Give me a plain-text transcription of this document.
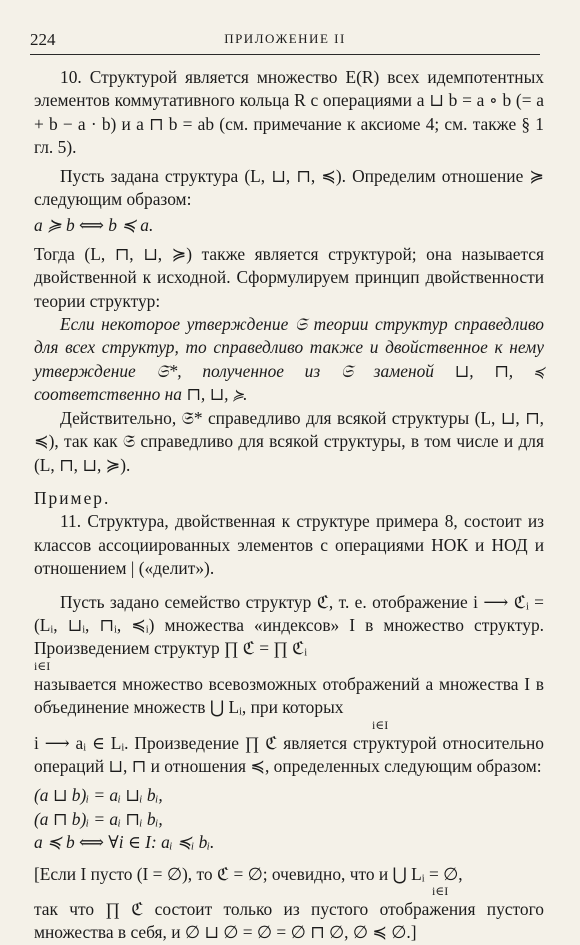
224	ПРИЛОЖЕНИЕ II

10. Структурой является множество E(R) всех идемпотентных элементов коммутативного кольца R с операциями a ⊔ b = a ∘ b (= a + b − a · b) и a ⊓ b = ab (см. примечание к аксиоме 4; см. также § 1 гл. 5).

Пусть задана структура (L, ⊔, ⊓, ≼). Определим отношение ≽ следующим образом:

a ≽ b ⟺ b ≼ a.

Тогда (L, ⊓, ⊔, ≽) также является структурой; она называется двойственной к исходной. Сформулируем принцип двойственности теории структур:

Если некоторое утверждение 𝔖 теории структур справедливо для всех структур, то справедливо также и двойственное к нему утверждение 𝔖*, полученное из 𝔖 заменой ⊔, ⊓, ≼ соответственно на ⊓, ⊔, ≽.

Действительно, 𝔖* справедливо для всякой структуры (L, ⊔, ⊓, ≼), так как 𝔖 справедливо для всякой структуры, в том числе и для (L, ⊓, ⊔, ≽).

Пример.

11. Структура, двойственная к структуре примера 8, состоит из классов ассоциированных элементов с операциями НОК и НОД и отношением | («делит»).

Пусть задано семейство структур ℭ, т. е. отображение i ⟶ ℭᵢ = (Lᵢ, ⊔ᵢ, ⊓ᵢ, ≼ᵢ) множества «индексов» I в множество структур. Произведением структур ∏ ℭ = ∏ ℭᵢ

i∈I

называется множество всевозможных отображений a множества I в объединение множеств ⋃ Lᵢ, при которых

i∈I

i ⟶ aᵢ ∈ Lᵢ. Произведение ∏ ℭ является структурой относительно операций ⊔, ⊓ и отношения ≼, определенных следующим образом:

(a ⊔ b)ᵢ = aᵢ ⊔ᵢ bᵢ,

(a ⊓ b)ᵢ = aᵢ ⊓ᵢ bᵢ,

a ≼ b ⟺ ∀i ∈ I: aᵢ ≼ᵢ bᵢ.

[Если I пусто (I = ∅), то ℭ = ∅; очевидно, что и ⋃ Lᵢ = ∅,

i∈I

так что ∏ ℭ состоит только из пустого отображения пустого множества в себя, и ∅ ⊔ ∅ = ∅ = ∅ ⊓ ∅, ∅ ≼ ∅.]
